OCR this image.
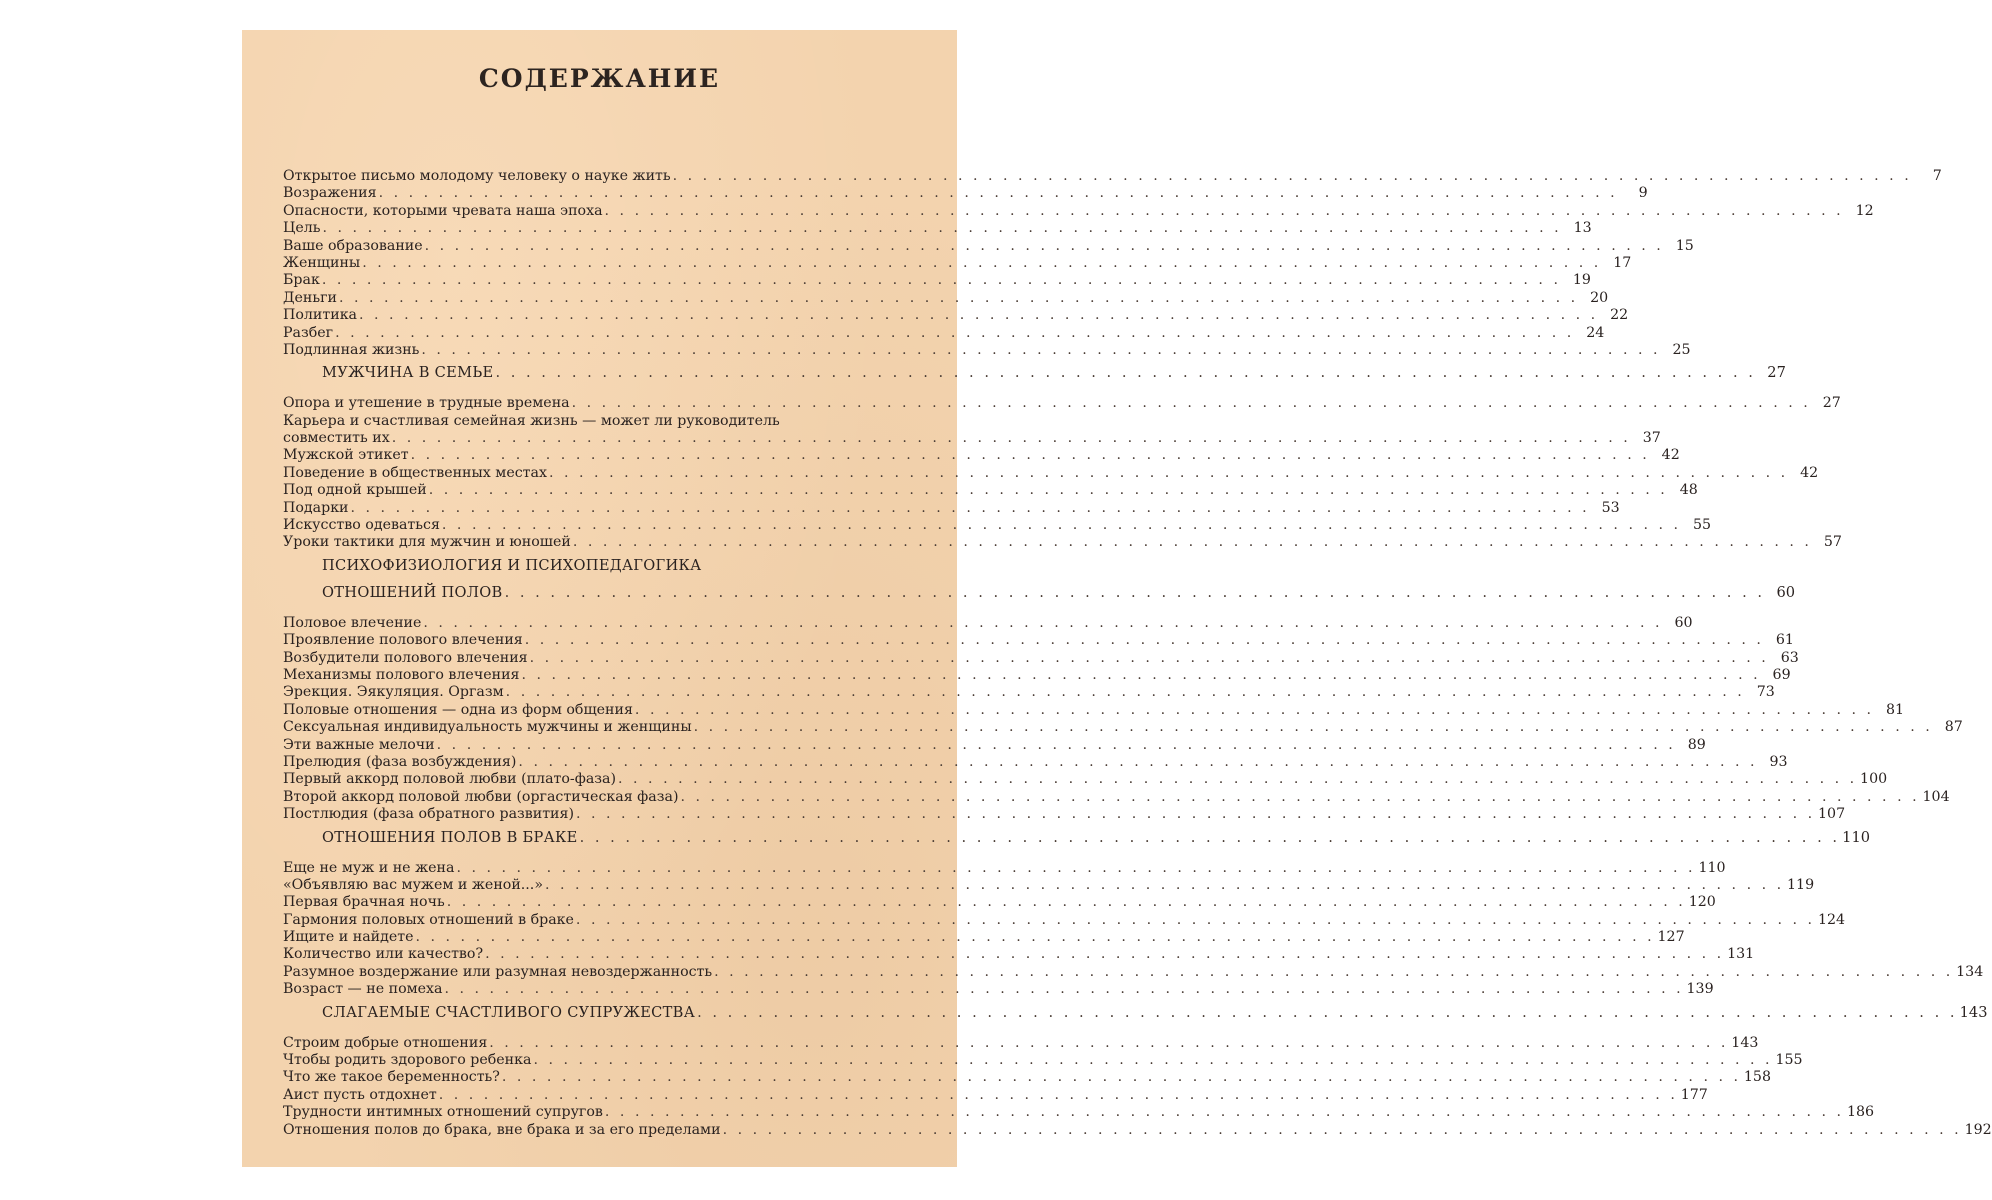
СОДЕРЖАНИЕ
Открытое письмо молодому человеку о науке жить . . . . . . . . . . . . . . . . . . . . . . . . . . . . . . . . . . . . . . . . . . . . . . . . . . . . . . . . . . . . . . . . . . . . . . . . . . . . . . . . . . .	7
Возражения . . . . . . . . . . . . . . . . . . . . . . . . . . . . . . . . . . . . . . . . . . . . . . . . . . . . . . . . . . . . . . . . . . . . . . . . . . . . . . . . . . .	9
Опасности, которыми чревата наша эпоха . . . . . . . . . . . . . . . . . . . . . . . . . . . . . . . . . . . . . . . . . . . . . . . . . . . . . . . . . . . . . . . . . . . . . . . . . . . . . . . . . . . 12
Цель . . . . . . . . . . . . . . . . . . . . . . . . . . . . . . . . . . . . . . . . . . . . . . . . . . . . . . . . . . . . . . . . . . . . . . . . . . . . . . . . . . . 13
Ваше образование . . . . . . . . . . . . . . . . . . . . . . . . . . . . . . . . . . . . . . . . . . . . . . . . . . . . . . . . . . . . . . . . . . . . . . . . . . . . . . . . . . . 15
Женщины . . . . . . . . . . . . . . . . . . . . . . . . . . . . . . . . . . . . . . . . . . . . . . . . . . . . . . . . . . . . . . . . . . . . . . . . . . . . . . . . . . . 17
Брак . . . . . . . . . . . . . . . . . . . . . . . . . . . . . . . . . . . . . . . . . . . . . . . . . . . . . . . . . . . . . . . . . . . . . . . . . . . . . . . . . . . 19
Деньги . . . . . . . . . . . . . . . . . . . . . . . . . . . . . . . . . . . . . . . . . . . . . . . . . . . . . . . . . . . . . . . . . . . . . . . . . . . . . . . . . . . 20
Политика . . . . . . . . . . . . . . . . . . . . . . . . . . . . . . . . . . . . . . . . . . . . . . . . . . . . . . . . . . . . . . . . . . . . . . . . . . . . . . . . . . . 22
Разбег . . . . . . . . . . . . . . . . . . . . . . . . . . . . . . . . . . . . . . . . . . . . . . . . . . . . . . . . . . . . . . . . . . . . . . . . . . . . . . . . . . . 24
Подлинная жизнь . . . . . . . . . . . . . . . . . . . . . . . . . . . . . . . . . . . . . . . . . . . . . . . . . . . . . . . . . . . . . . . . . . . . . . . . . . . . . . . . . . . 25
МУЖЧИНА В СЕМЬЕ . . . . . . . . . . . . . . . . . . . . . . . . . . . . . . . . . . . . . . . . . . . . . . . . . . . . . . . . . . . . . . . . . . . . . . . . . . . . . . . . . . . 27
Опора и утешение в трудные времена . . . . . . . . . . . . . . . . . . . . . . . . . . . . . . . . . . . . . . . . . . . . . . . . . . . . . . . . . . . . . . . . . . . . . . . . . . . . . . . . . . . 27
Карьера и счастливая семейная жизнь — может ли руководитель
совместить их . . . . . . . . . . . . . . . . . . . . . . . . . . . . . . . . . . . . . . . . . . . . . . . . . . . . . . . . . . . . . . . . . . . . . . . . . . . . . . . . . . . 37
Мужской этикет . . . . . . . . . . . . . . . . . . . . . . . . . . . . . . . . . . . . . . . . . . . . . . . . . . . . . . . . . . . . . . . . . . . . . . . . . . . . . . . . . . . 42
Поведение в общественных местах . . . . . . . . . . . . . . . . . . . . . . . . . . . . . . . . . . . . . . . . . . . . . . . . . . . . . . . . . . . . . . . . . . . . . . . . . . . . . . . . . . . 42
Под одной крышей . . . . . . . . . . . . . . . . . . . . . . . . . . . . . . . . . . . . . . . . . . . . . . . . . . . . . . . . . . . . . . . . . . . . . . . . . . . . . . . . . . . 48
Подарки . . . . . . . . . . . . . . . . . . . . . . . . . . . . . . . . . . . . . . . . . . . . . . . . . . . . . . . . . . . . . . . . . . . . . . . . . . . . . . . . . . . 53
Искусство одеваться . . . . . . . . . . . . . . . . . . . . . . . . . . . . . . . . . . . . . . . . . . . . . . . . . . . . . . . . . . . . . . . . . . . . . . . . . . . . . . . . . . . 55
Уроки тактики для мужчин и юношей . . . . . . . . . . . . . . . . . . . . . . . . . . . . . . . . . . . . . . . . . . . . . . . . . . . . . . . . . . . . . . . . . . . . . . . . . . . . . . . . . . . 57
ПСИХОФИЗИОЛОГИЯ И ПСИХОПЕДАГОГИКА
ОТНОШЕНИЙ ПОЛОВ . . . . . . . . . . . . . . . . . . . . . . . . . . . . . . . . . . . . . . . . . . . . . . . . . . . . . . . . . . . . . . . . . . . . . . . . . . . . . . . . . . . 60
Половое влечение . . . . . . . . . . . . . . . . . . . . . . . . . . . . . . . . . . . . . . . . . . . . . . . . . . . . . . . . . . . . . . . . . . . . . . . . . . . . . . . . . . . 60
Проявление полового влечения . . . . . . . . . . . . . . . . . . . . . . . . . . . . . . . . . . . . . . . . . . . . . . . . . . . . . . . . . . . . . . . . . . . . . . . . . . . . . . . . . . . 61
Возбудители полового влечения . . . . . . . . . . . . . . . . . . . . . . . . . . . . . . . . . . . . . . . . . . . . . . . . . . . . . . . . . . . . . . . . . . . . . . . . . . . . . . . . . . . 63
Механизмы полового влечения . . . . . . . . . . . . . . . . . . . . . . . . . . . . . . . . . . . . . . . . . . . . . . . . . . . . . . . . . . . . . . . . . . . . . . . . . . . . . . . . . . . 69
Эрекция. Эякуляция. Оргазм . . . . . . . . . . . . . . . . . . . . . . . . . . . . . . . . . . . . . . . . . . . . . . . . . . . . . . . . . . . . . . . . . . . . . . . . . . . . . . . . . . . 73
Половые отношения — одна из форм общения . . . . . . . . . . . . . . . . . . . . . . . . . . . . . . . . . . . . . . . . . . . . . . . . . . . . . . . . . . . . . . . . . . . . . . . . . . . . . . . . . . . 81
Сексуальная индивидуальность мужчины и женщины . . . . . . . . . . . . . . . . . . . . . . . . . . . . . . . . . . . . . . . . . . . . . . . . . . . . . . . . . . . . . . . . . . . . . . . . . . . . . . . . . . . 87
Эти важные мелочи . . . . . . . . . . . . . . . . . . . . . . . . . . . . . . . . . . . . . . . . . . . . . . . . . . . . . . . . . . . . . . . . . . . . . . . . . . . . . . . . . . . 89
Прелюдия (фаза возбуждения) . . . . . . . . . . . . . . . . . . . . . . . . . . . . . . . . . . . . . . . . . . . . . . . . . . . . . . . . . . . . . . . . . . . . . . . . . . . . . . . . . . . 93
Первый аккорд половой любви (плато-фаза) . . . . . . . . . . . . . . . . . . . . . . . . . . . . . . . . . . . . . . . . . . . . . . . . . . . . . . . . . . . . . . . . . . . . . . . . . . . . . . . . . . . 100
Второй аккорд половой любви (оргастическая фаза) . . . . . . . . . . . . . . . . . . . . . . . . . . . . . . . . . . . . . . . . . . . . . . . . . . . . . . . . . . . . . . . . . . . . . . . . . . . . . . . . . . . 104
Постлюдия (фаза обратного развития) . . . . . . . . . . . . . . . . . . . . . . . . . . . . . . . . . . . . . . . . . . . . . . . . . . . . . . . . . . . . . . . . . . . . . . . . . . . . . . . . . . . 107
ОТНОШЕНИЯ ПОЛОВ В БРАКЕ . . . . . . . . . . . . . . . . . . . . . . . . . . . . . . . . . . . . . . . . . . . . . . . . . . . . . . . . . . . . . . . . . . . . . . . . . . . . . . . . . . . 110
Еще не муж и не жена . . . . . . . . . . . . . . . . . . . . . . . . . . . . . . . . . . . . . . . . . . . . . . . . . . . . . . . . . . . . . . . . . . . . . . . . . . . . . . . . . . . 110
«Объявляю вас мужем и женой...» . . . . . . . . . . . . . . . . . . . . . . . . . . . . . . . . . . . . . . . . . . . . . . . . . . . . . . . . . . . . . . . . . . . . . . . . . . . . . . . . . . . 119
Первая брачная ночь . . . . . . . . . . . . . . . . . . . . . . . . . . . . . . . . . . . . . . . . . . . . . . . . . . . . . . . . . . . . . . . . . . . . . . . . . . . . . . . . . . . 120
Гармония половых отношений в браке . . . . . . . . . . . . . . . . . . . . . . . . . . . . . . . . . . . . . . . . . . . . . . . . . . . . . . . . . . . . . . . . . . . . . . . . . . . . . . . . . . . 124
Ищите и найдете . . . . . . . . . . . . . . . . . . . . . . . . . . . . . . . . . . . . . . . . . . . . . . . . . . . . . . . . . . . . . . . . . . . . . . . . . . . . . . . . . . . 127
Количество или качество? . . . . . . . . . . . . . . . . . . . . . . . . . . . . . . . . . . . . . . . . . . . . . . . . . . . . . . . . . . . . . . . . . . . . . . . . . . . . . . . . . . . 131
Разумное воздержание или разумная невоздержанность . . . . . . . . . . . . . . . . . . . . . . . . . . . . . . . . . . . . . . . . . . . . . . . . . . . . . . . . . . . . . . . . . . . . . . . . . . . . . . . . . . . 134
Возраст — не помеха . . . . . . . . . . . . . . . . . . . . . . . . . . . . . . . . . . . . . . . . . . . . . . . . . . . . . . . . . . . . . . . . . . . . . . . . . . . . . . . . . . . 139
СЛАГАЕМЫЕ СЧАСТЛИВОГО СУПРУЖЕСТВА . . . . . . . . . . . . . . . . . . . . . . . . . . . . . . . . . . . . . . . . . . . . . . . . . . . . . . . . . . . . . . . . . . . . . . . . . . . . . . . . . . . 143
Строим добрые отношения . . . . . . . . . . . . . . . . . . . . . . . . . . . . . . . . . . . . . . . . . . . . . . . . . . . . . . . . . . . . . . . . . . . . . . . . . . . . . . . . . . . 143
Чтобы родить здорового ребенка . . . . . . . . . . . . . . . . . . . . . . . . . . . . . . . . . . . . . . . . . . . . . . . . . . . . . . . . . . . . . . . . . . . . . . . . . . . . . . . . . . . 155
Что же такое беременность? . . . . . . . . . . . . . . . . . . . . . . . . . . . . . . . . . . . . . . . . . . . . . . . . . . . . . . . . . . . . . . . . . . . . . . . . . . . . . . . . . . . 158
Аист пусть отдохнет . . . . . . . . . . . . . . . . . . . . . . . . . . . . . . . . . . . . . . . . . . . . . . . . . . . . . . . . . . . . . . . . . . . . . . . . . . . . . . . . . . . 177
Трудности интимных отношений супругов . . . . . . . . . . . . . . . . . . . . . . . . . . . . . . . . . . . . . . . . . . . . . . . . . . . . . . . . . . . . . . . . . . . . . . . . . . . . . . . . . . . 186
Отношения полов до брака, вне брака и за его пределами . . . . . . . . . . . . . . . . . . . . . . . . . . . . . . . . . . . . . . . . . . . . . . . . . . . . . . . . . . . . . . . . . . . . . . . . . . . . . . . . . . . 192
